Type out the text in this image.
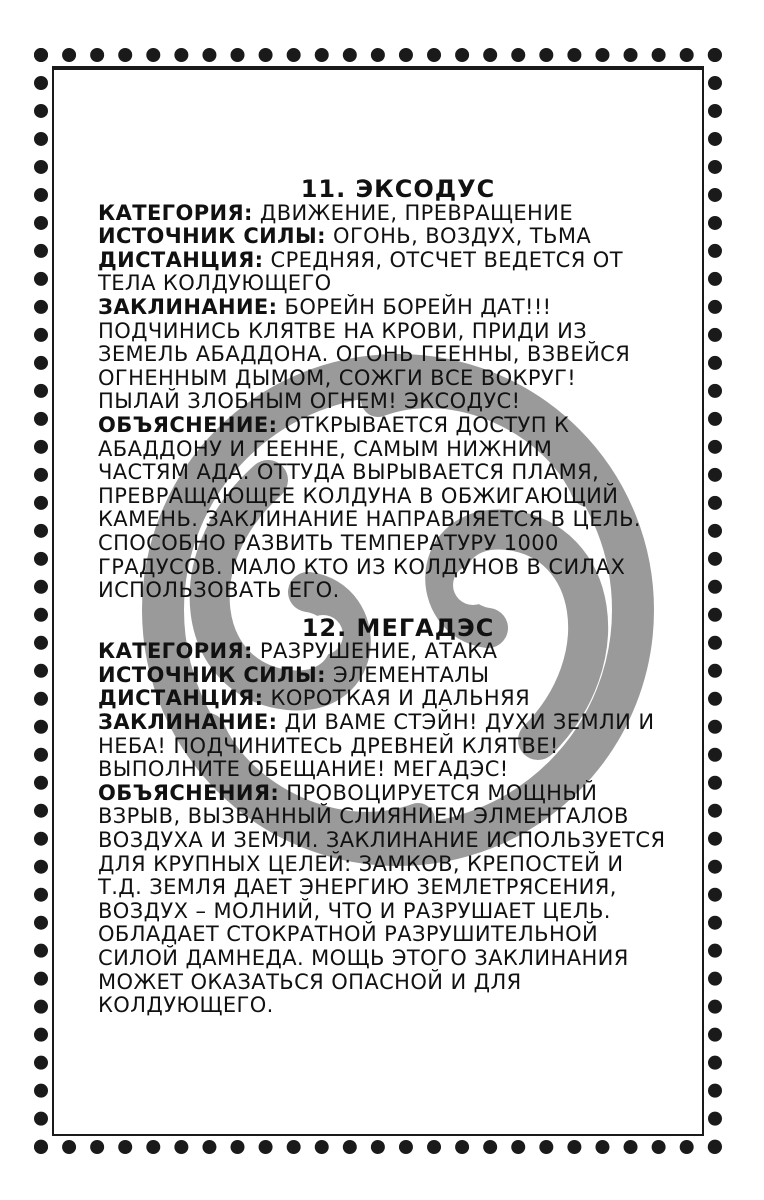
11. ЭКСОДУС

КАТЕГОРИЯ: ДВИЖЕНИЕ, ПРЕВРАЩЕНИЕ

ИСТОЧНИК СИЛЫ: ОГОНЬ, ВОЗДУХ, ТЬМА

ДИСТАНЦИЯ: СРЕДНЯЯ, ОТСЧЕТ ВЕДЕТСЯ ОТ

ТЕЛА КОЛДУЮЩЕГО

ЗАКЛИНАНИЕ: БОРЕЙН БОРЕЙН ДАТ!!!

ПОДЧИНИСЬ КЛЯТВЕ НА КРОВИ, ПРИДИ ИЗ

ЗЕМЕЛЬ АБАДДОНА. ОГОНЬ ГЕЕННЫ, ВЗВЕЙСЯ

ОГНЕННЫМ ДЫМОМ, СОЖГИ ВСЕ ВОКРУГ!

ПЫЛАЙ ЗЛОБНЫМ ОГНЕМ! ЭКСОДУС!

ОБЪЯСНЕНИЕ: ОТКРЫВАЕТСЯ ДОСТУП К

АБАДДОНУ И ГЕЕННЕ, САМЫМ НИЖНИМ

ЧАСТЯМ АДА. ОТТУДА ВЫРЫВАЕТСЯ ПЛАМЯ,

ПРЕВРАЩАЮЩЕЕ КОЛДУНА В ОБЖИГАЮЩИЙ

КАМЕНЬ. ЗАКЛИНАНИЕ НАПРАВЛЯЕТСЯ В ЦЕЛЬ.

СПОСОБНО РАЗВИТЬ ТЕМПЕРАТУРУ 1000

ГРАДУСОВ. МАЛО КТО ИЗ КОЛДУНОВ В СИЛАХ

ИСПОЛЬЗОВАТЬ ЕГО.

12. МЕГАДЭС

КАТЕГОРИЯ: РАЗРУШЕНИЕ, АТАКА

ИСТОЧНИК СИЛЫ: ЭЛЕМЕНТАЛЫ

ДИСТАНЦИЯ: КОРОТКАЯ И ДАЛЬНЯЯ

ЗАКЛИНАНИЕ: ДИ ВАМЕ СТЭЙН! ДУХИ ЗЕМЛИ И

НЕБА! ПОДЧИНИТЕСЬ ДРЕВНЕЙ КЛЯТВЕ!

ВЫПОЛНИТЕ ОБЕЩАНИЕ! МЕГАДЭС!

ОБЪЯСНЕНИЯ: ПРОВОЦИРУЕТСЯ МОЩНЫЙ

ВЗРЫВ, ВЫЗВАННЫЙ СЛИЯНИЕМ ЭЛМЕНТАЛОВ

ВОЗДУХА И ЗЕМЛИ. ЗАКЛИНАНИЕ ИСПОЛЬЗУЕТСЯ

ДЛЯ КРУПНЫХ ЦЕЛЕЙ: ЗАМКОВ, КРЕПОСТЕЙ И

Т.Д. ЗЕМЛЯ ДАЕТ ЭНЕРГИЮ ЗЕМЛЕТРЯСЕНИЯ,

ВОЗДУХ – МОЛНИЙ, ЧТО И РАЗРУШАЕТ ЦЕЛЬ.

ОБЛАДАЕТ СТОКРАТНОЙ РАЗРУШИТЕЛЬНОЙ

СИЛОЙ ДАМНЕДА. МОЩЬ ЭТОГО ЗАКЛИНАНИЯ

МОЖЕТ ОКАЗАТЬСЯ ОПАСНОЙ И ДЛЯ

КОЛДУЮЩЕГО.
